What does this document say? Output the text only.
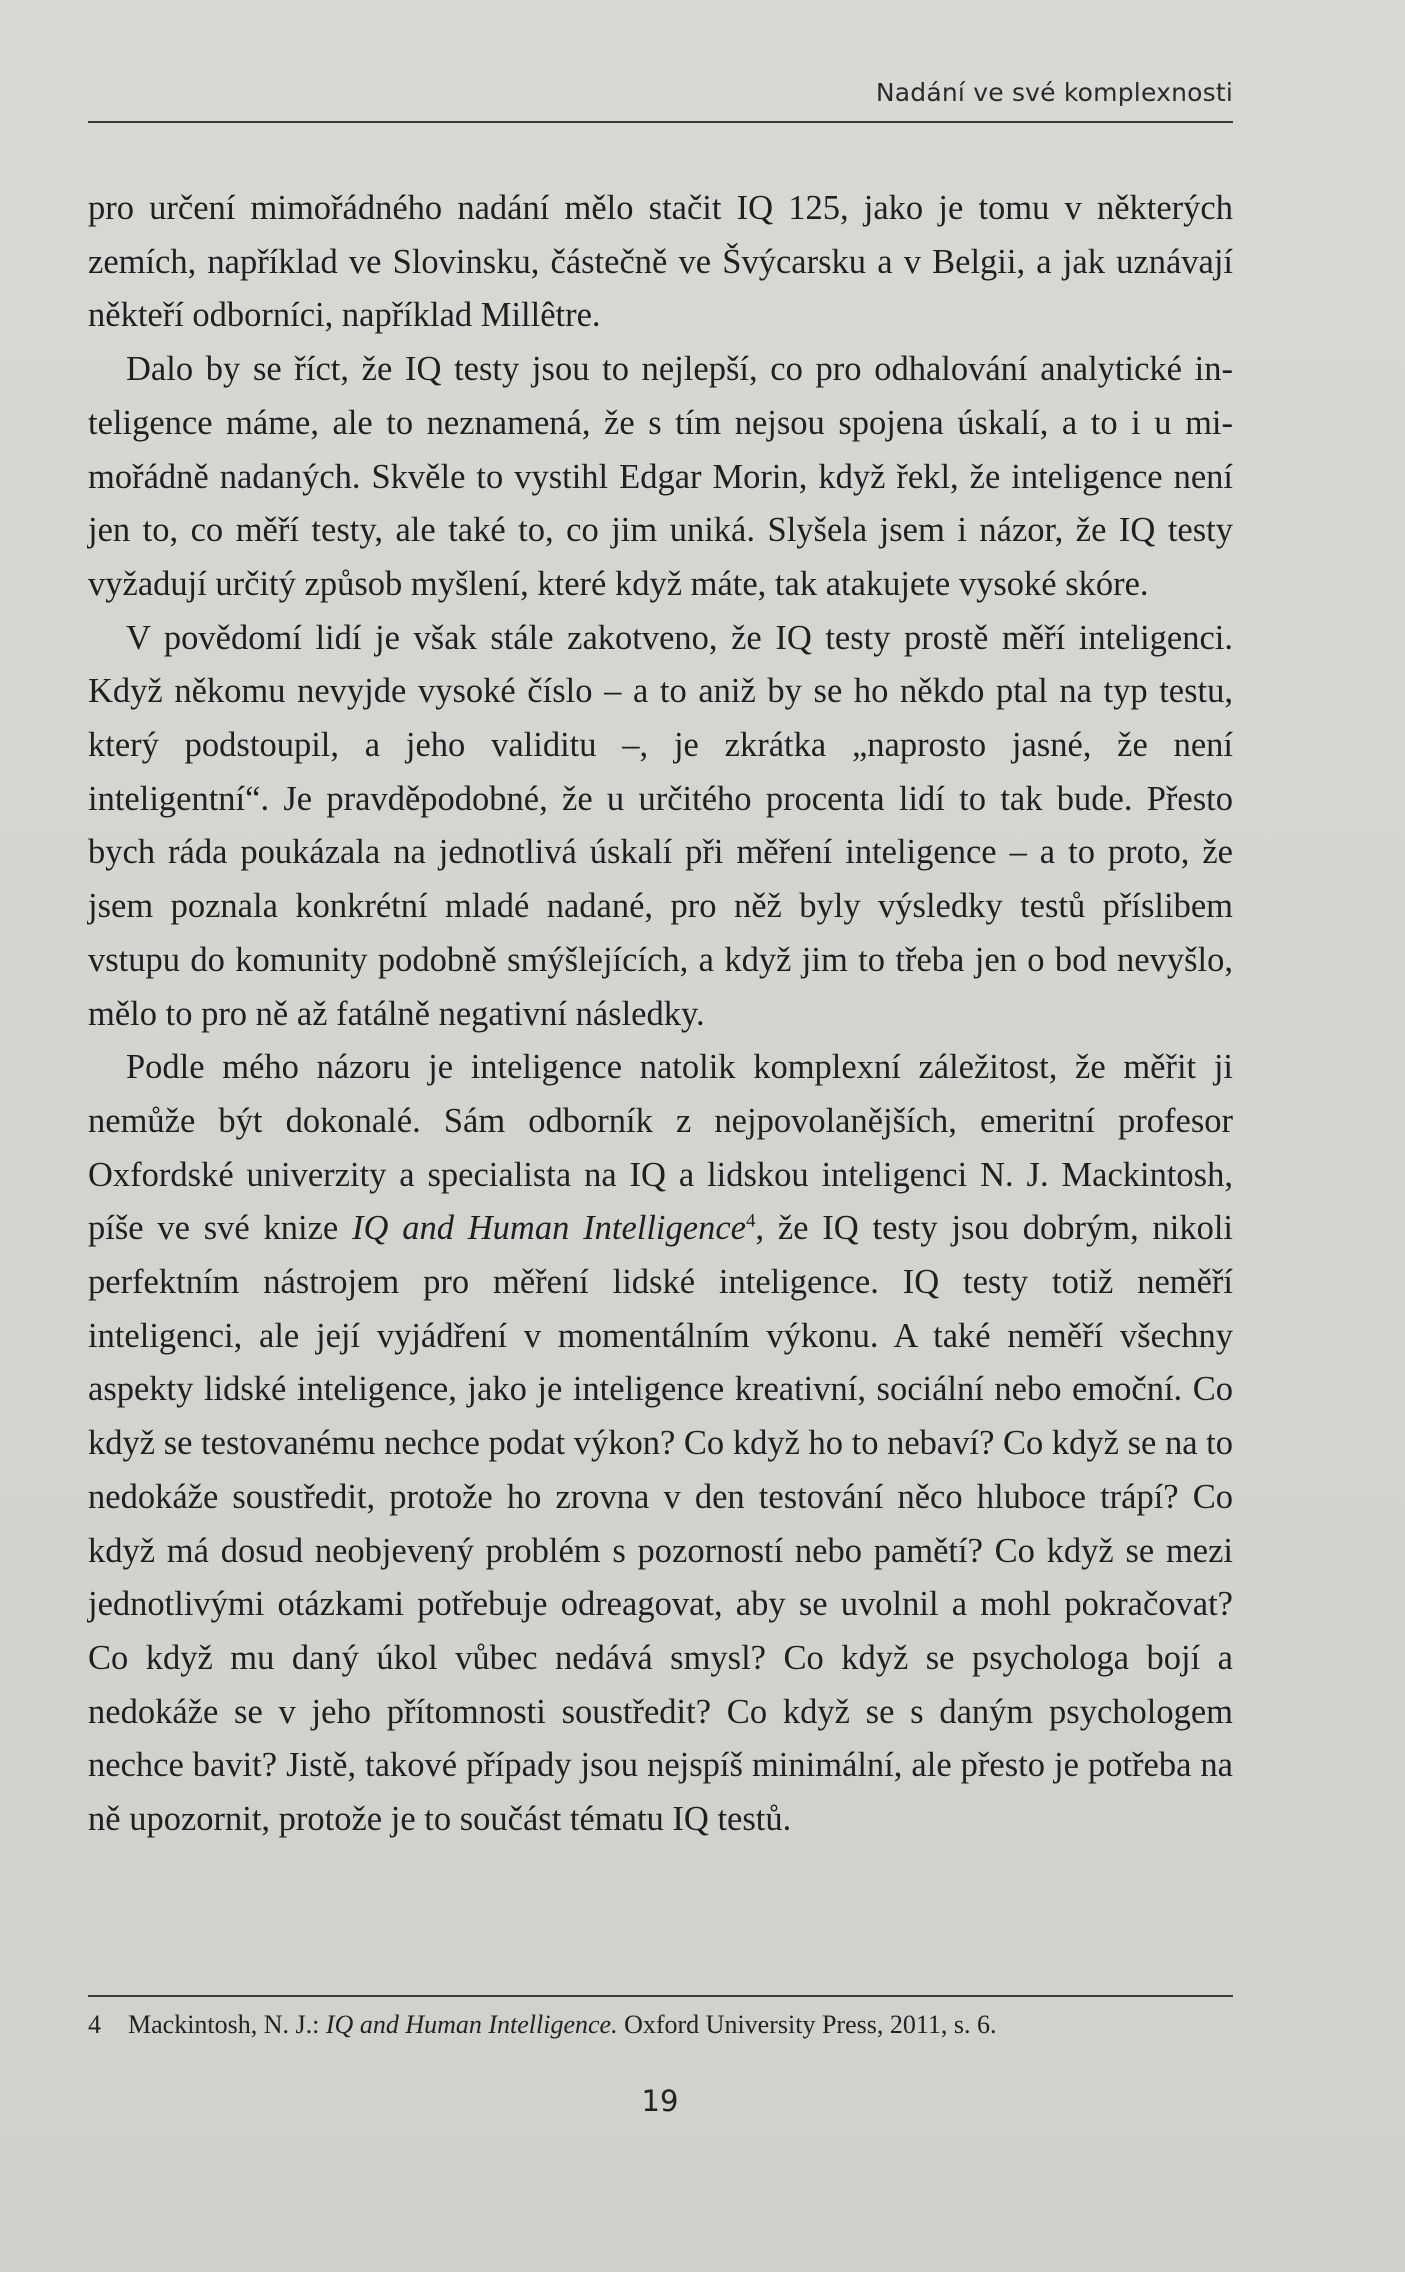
Nadání ve své komplexnosti

pro určení mimořádného nadání mělo stačit IQ 125, jako je tomu v některých zemích, například ve Slovinsku, částečně ve Švýcarsku a v Belgii, a jak uznávají někteří odborníci, například Millêtre.

Dalo by se říct, že IQ testy jsou to nejlepší, co pro odhalování analytické inteligence máme, ale to neznamená, že s tím nejsou spojena úskalí, a to i u mimořádně nadaných. Skvěle to vystihl Edgar Morin, když řekl, že inteligence není jen to, co měří testy, ale také to, co jim uniká. Slyšela jsem i názor, že IQ testy vyžadují určitý způsob myšlení, které když máte, tak atakujete vysoké skóre.

V povědomí lidí je však stále zakotveno, že IQ testy prostě měří inteligenci. Když někomu nevyjde vysoké číslo – a to aniž by se ho někdo ptal na typ testu, který podstoupil, a jeho validitu –, je zkrátka „naprosto jasné, že není inteligentní“. Je pravděpodobné, že u určitého procenta lidí to tak bude. Přesto bych ráda poukázala na jednotlivá úskalí při měření inteligence – a to proto, že jsem poznala konkrétní mladé nadané, pro něž byly výsledky testů příslibem vstupu do komunity podobně smýšlejících, a když jim to třeba jen o bod nevyšlo, mělo to pro ně až fatálně negativní následky.

Podle mého názoru je inteligence natolik komplexní záležitost, že měřit ji nemůže být dokonalé. Sám odborník z nejpovolanějších, emeritní profesor Oxfordské univerzity a specialista na IQ a lidskou inteligenci N. J. Mackintosh, píše ve své knize IQ and Human Intelligence$^4$, že IQ testy jsou dobrým, nikoli perfektním nástrojem pro měření lidské inteligence. IQ testy totiž neměří inteligenci, ale její vyjádření v momentálním výkonu. A také neměří všechny aspekty lidské inteligence, jako je inteligence kreativní, sociální nebo emoční. Co když se testovanému nechce podat výkon? Co když ho to nebaví? Co když se na to nedokáže soustředit, protože ho zrovna v den testování něco hluboce trápí? Co když má dosud neobjevený problém s pozorností nebo pamětí? Co když se mezi jednotlivými otázkami potřebuje odreagovat, aby se uvolnil a mohl pokračovat? Co když mu daný úkol vůbec nedává smysl? Co když se psychologa bojí a nedokáže se v jeho přítomnosti soustředit? Co když se s daným psychologem nechce bavit? Jistě, takové případy jsou nejspíš minimální, ale přesto je potřeba na ně upozornit, protože je to součást tématu IQ testů.

4 Mackintosh, N. J.: IQ and Human Intelligence. Oxford University Press, 2011, s. 6.
19
